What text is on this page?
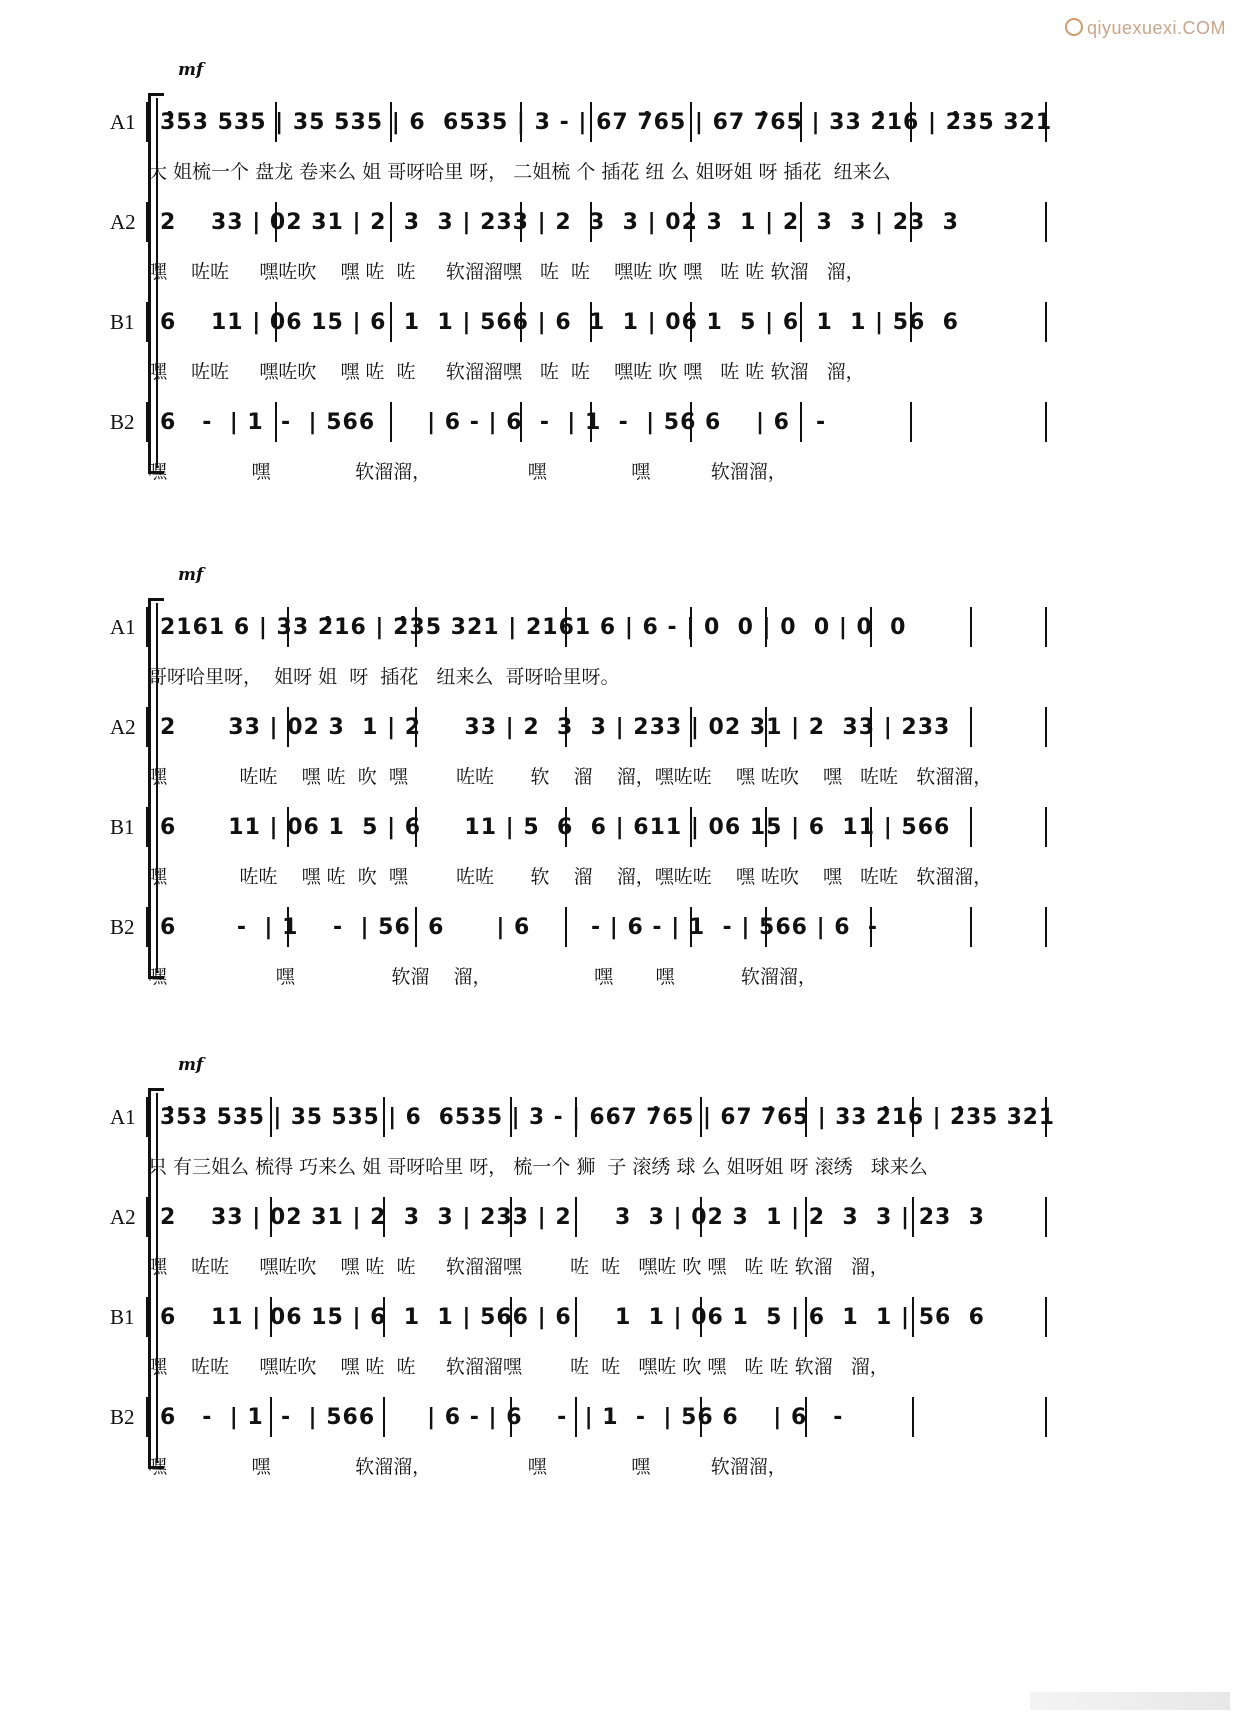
qiyuexuexi.COM
mf
A1 3̂53 535 | 35 535 | 6  6535 | 3 - | 67 7̂65 | 67 7̂65 | 33 2̂16 | 2̂35 321
大 姐梳一个 盘龙 卷来么 姐 哥呀哈里 呀， 二姐梳 个 插花 纽 么 姐呀姐 呀 插花  纽来么
A2 2    33 | 02 31 | 2  3  3 | 233 | 2  3  3 | 02 3  1 | 2  3  3 | 23  3
嘿    咗咗     嘿咗吹    嘿 咗  咗     软溜溜嘿   咗  咗    嘿咗 吹 嘿   咗 咗 软溜   溜，
B1 6    11 | 06 15 | 6  1  1 | 566 | 6  1  1 | 06 1  5 | 6  1  1 | 56  6
嘿    咗咗     嘿咗吹    嘿 咗  咗     软溜溜嘿   咗  咗    嘿咗 吹 嘿   咗 咗 软溜   溜，
B2 6   -  | 1  -  | 566      | 6 - | 6  -  | 1  -  | 56 6    | 6   -
嘿              嘿              软溜溜，                嘿              嘿          软溜溜，
mf
A1 2161 6 | 33 2̂16 | 2̂35 321 | 2161 6 | 6 - | 0  0 | 0  0 | 0  0
哥呀哈里呀，  姐呀 姐  呀  插花   纽来么  哥呀哈里呀。
A2 2      33 | 02 3  1 | 2     33 | 2  3  3 | 233 | 02 31 | 2  33 | 233
嘿            咗咗    嘿 咗  吹  嘿        咗咗      软    溜    溜，嘿咗咗    嘿 咗吹    嘿   咗咗   软溜溜，
B1 6      11 | 06 1  5 | 6     11 | 5  6  6 | 611 | 06 15 | 6  11 | 566
嘿            咗咗    嘿 咗  吹  嘿        咗咗      软    溜    溜，嘿咗咗    嘿 咗吹    嘿   咗咗   软溜溜，
B2 6       -  | 1    -  | 56  6      | 6       - | 6 - | 1  - | 566 | 6  -
嘿                  嘿                软溜    溜，                 嘿       嘿           软溜溜，
mf
A1 3̂53 535 | 35 535 | 6  6535 | 3 - | 667 7̂65 | 67 7̂65 | 33 2̂16 | 2̂35 321
只 有三姐么 梳得 巧来么 姐 哥呀哈里 呀， 梳一个 狮  子 滚绣 球 么 姐呀姐 呀 滚绣   球来么
A2 2    33 | 02 31 | 2  3  3 | 233 | 2     3  3 | 02 3  1 | 2  3  3 | 23  3
嘿    咗咗     嘿咗吹    嘿 咗  咗     软溜溜嘿        咗  咗   嘿咗 吹 嘿   咗 咗 软溜   溜，
B1 6    11 | 06 15 | 6  1  1 | 566 | 6     1  1 | 06 1  5 | 6  1  1 | 56  6
嘿    咗咗     嘿咗吹    嘿 咗  咗     软溜溜嘿        咗  咗   嘿咗 吹 嘿   咗 咗 软溜   溜，
B2 6   -  | 1  -  | 566      | 6 - | 6    -  | 1  -  | 56 6    | 6   -
嘿              嘿              软溜溜，                嘿              嘿          软溜溜，
